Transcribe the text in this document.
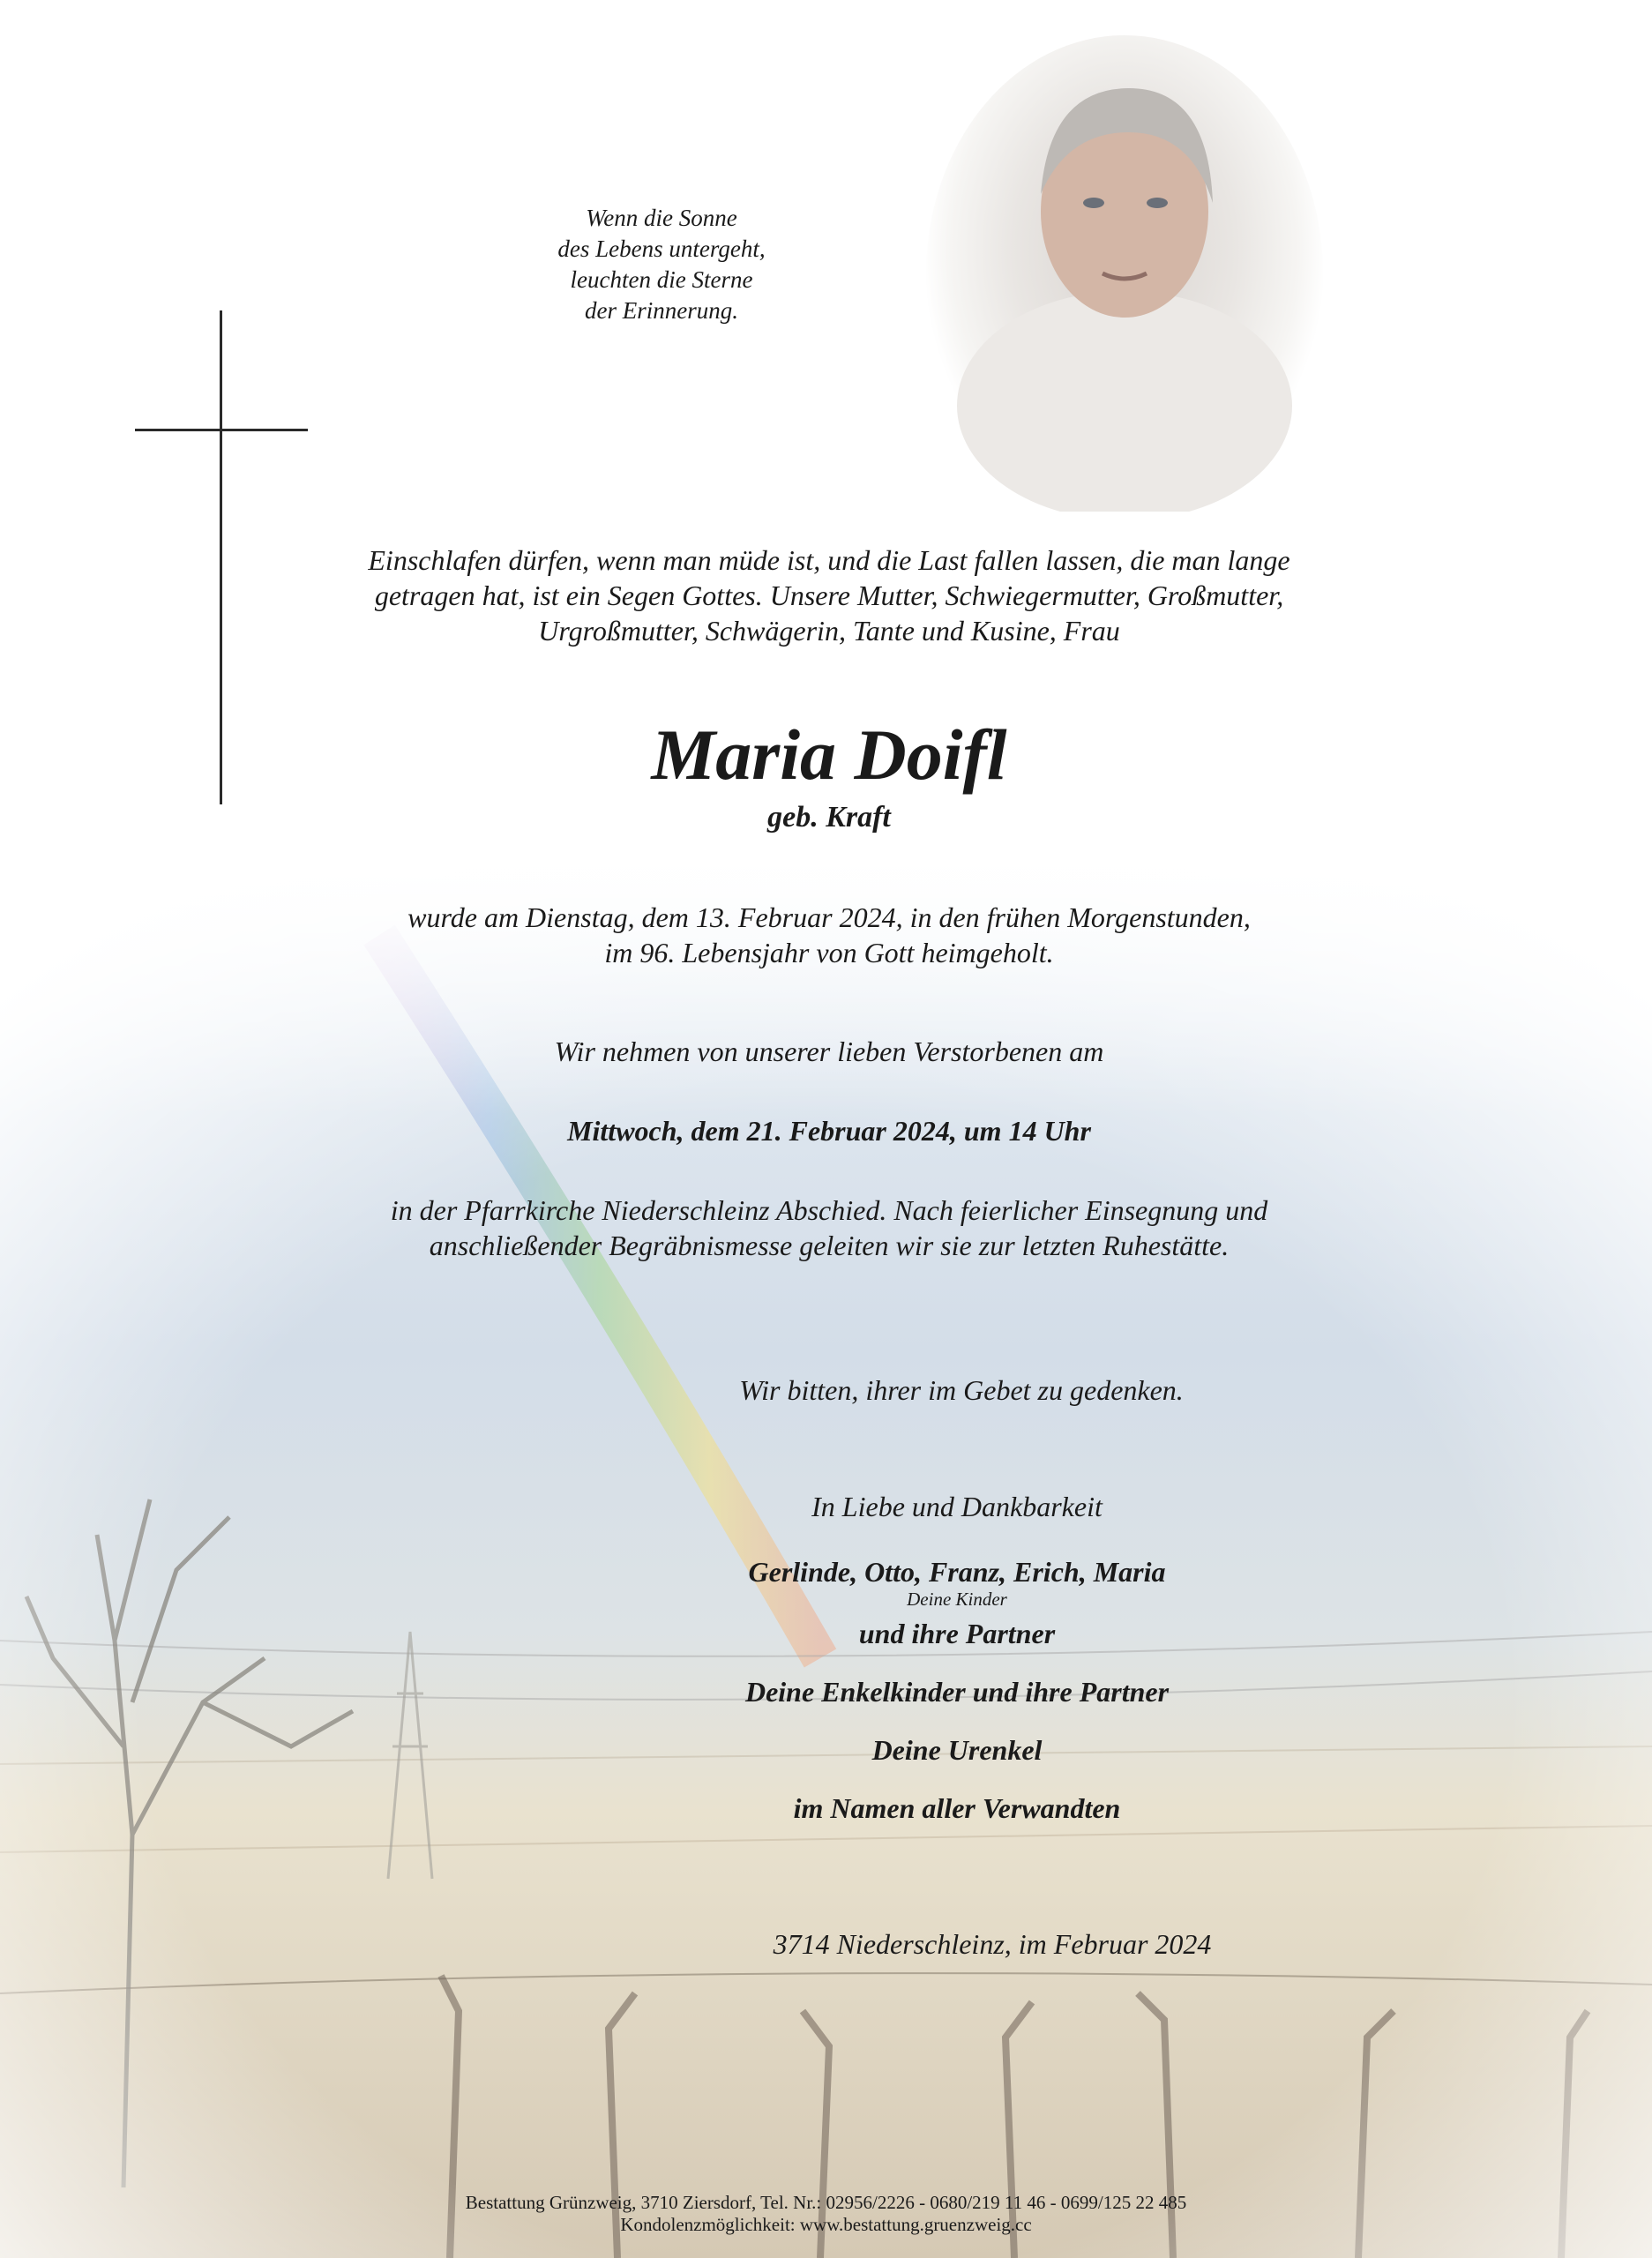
Wenn die Sonne
des Lebens untergeht,
leuchten die Sterne
der Erinnerung.
Einschlafen dürfen, wenn man müde ist, und die Last fallen lassen, die man lange
getragen hat, ist ein Segen Gottes. Unsere Mutter, Schwiegermutter, Großmutter,
Urgroßmutter, Schwägerin, Tante und Kusine, Frau
Maria Doifl
geb. Kraft
wurde am Dienstag, dem 13. Februar 2024, in den frühen Morgenstunden,
im 96. Lebensjahr von Gott heimgeholt.
Wir nehmen von unserer lieben Verstorbenen am
Mittwoch, dem 21. Februar 2024, um 14 Uhr
in der Pfarrkirche Niederschleinz Abschied. Nach feierlicher Einsegnung und
anschließender Begräbnismesse geleiten wir sie zur letzten Ruhestätte.
Wir bitten, ihrer im Gebet zu gedenken.
In Liebe und Dankbarkeit
Gerlinde, Otto, Franz, Erich, Maria
Deine Kinder
und ihre Partner
Deine Enkelkinder und ihre Partner
Deine Urenkel
im Namen aller Verwandten
3714 Niederschleinz, im Februar 2024
Bestattung Grünzweig, 3710 Ziersdorf, Tel. Nr.: 02956/2226 - 0680/219 11 46 - 0699/125 22 485
Kondolenzmöglichkeit: www.bestattung.gruenzweig.cc
